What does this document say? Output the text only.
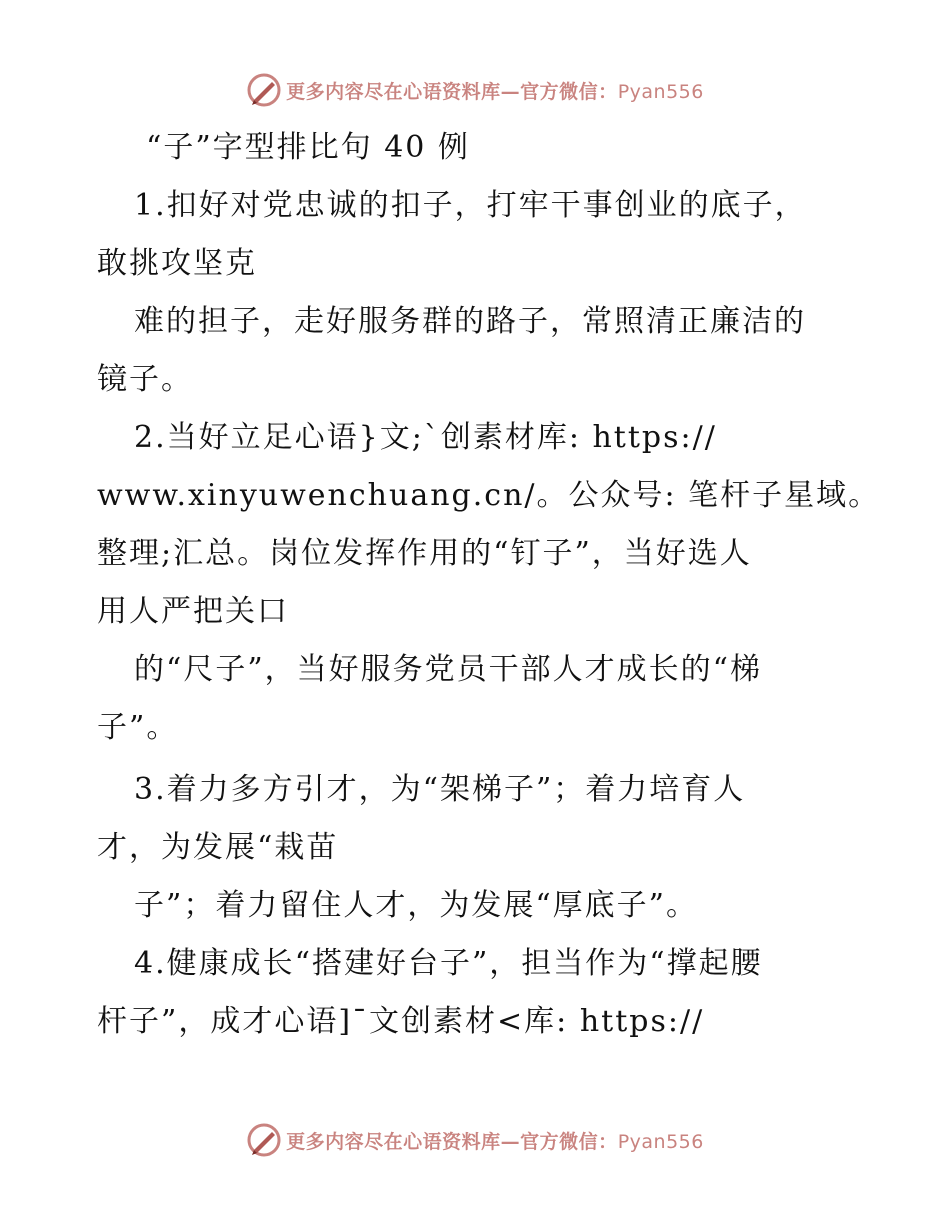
更多内容尽在心语资料库—官方微信：Pyan556
“子”字型排比句 40 例
1.扣好对党忠诚的扣子，打牢干事创业的底子，
敢挑攻坚克
难的担子，走好服务群的路子，常照清正廉洁的
镜子。
2.当好立足心语}文;`创素材库: https://
www.xinyuwenchuang.cn/。公众号: 笔杆子星域。
整理;汇总。岗位发挥作用的“钉子”，当好选人
用人严把关口
的“尺子”，当好服务党员干部人才成长的“梯
子”。
3.着力多方引才，为“架梯子”；着力培育人
才，为发展“栽苗
子”；着力留住人才，为发展“厚底子”。
4.健康成长“搭建好台子”，担当作为“撑起腰
杆子”，成才心语]¯文创素材<库: https://
更多内容尽在心语资料库—官方微信：Pyan556
